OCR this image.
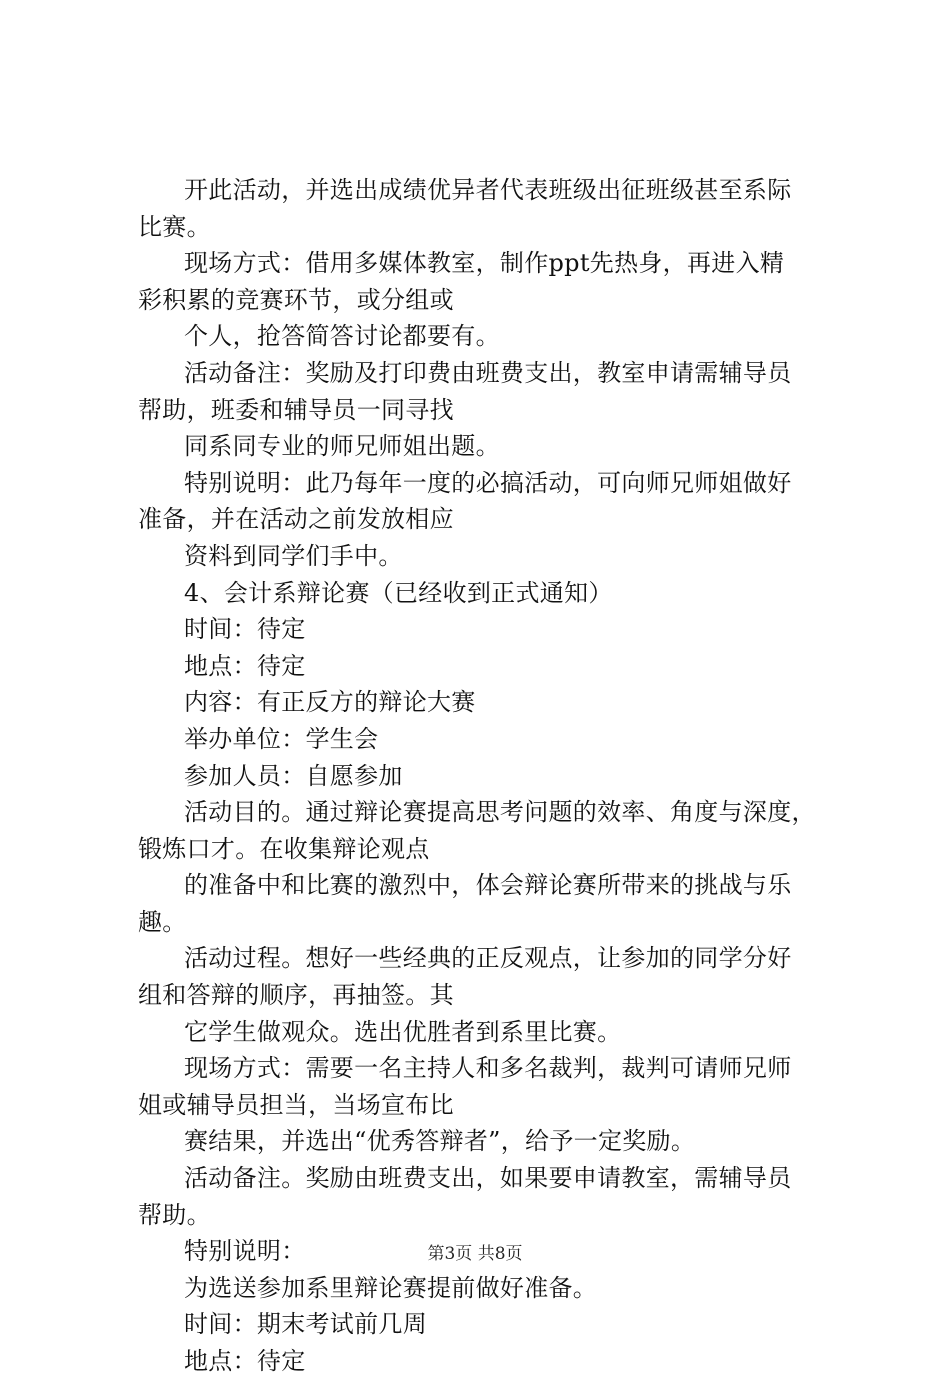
开此活动，并选出成绩优异者代表班级出征班级甚至系际
比赛。
现场方式：借用多媒体教室，制作ppt先热身，再进入精
彩积累的竞赛环节，或分组或
个人，抢答简答讨论都要有。
活动备注：奖励及打印费由班费支出，教室申请需辅导员
帮助，班委和辅导员一同寻找
同系同专业的师兄师姐出题。
特别说明：此乃每年一度的必搞活动，可向师兄师姐做好
准备，并在活动之前发放相应
资料到同学们手中。
4、会计系辩论赛（已经收到正式通知）
时间：待定
地点：待定
内容：有正反方的辩论大赛
举办单位：学生会
参加人员：自愿参加
活动目的。通过辩论赛提高思考问题的效率、角度与深度，
锻炼口才。在收集辩论观点
的准备中和比赛的激烈中，体会辩论赛所带来的挑战与乐
趣。
活动过程。想好一些经典的正反观点，让参加的同学分好
组和答辩的顺序，再抽签。其
它学生做观众。选出优胜者到系里比赛。
现场方式：需要一名主持人和多名裁判，裁判可请师兄师
姐或辅导员担当，当场宣布比
赛结果，并选出“优秀答辩者”，给予一定奖励。
活动备注。奖励由班费支出，如果要申请教室，需辅导员
帮助。
特别说明：
为选送参加系里辩论赛提前做好准备。
时间：期末考试前几周
地点：待定
第3页 共8页
